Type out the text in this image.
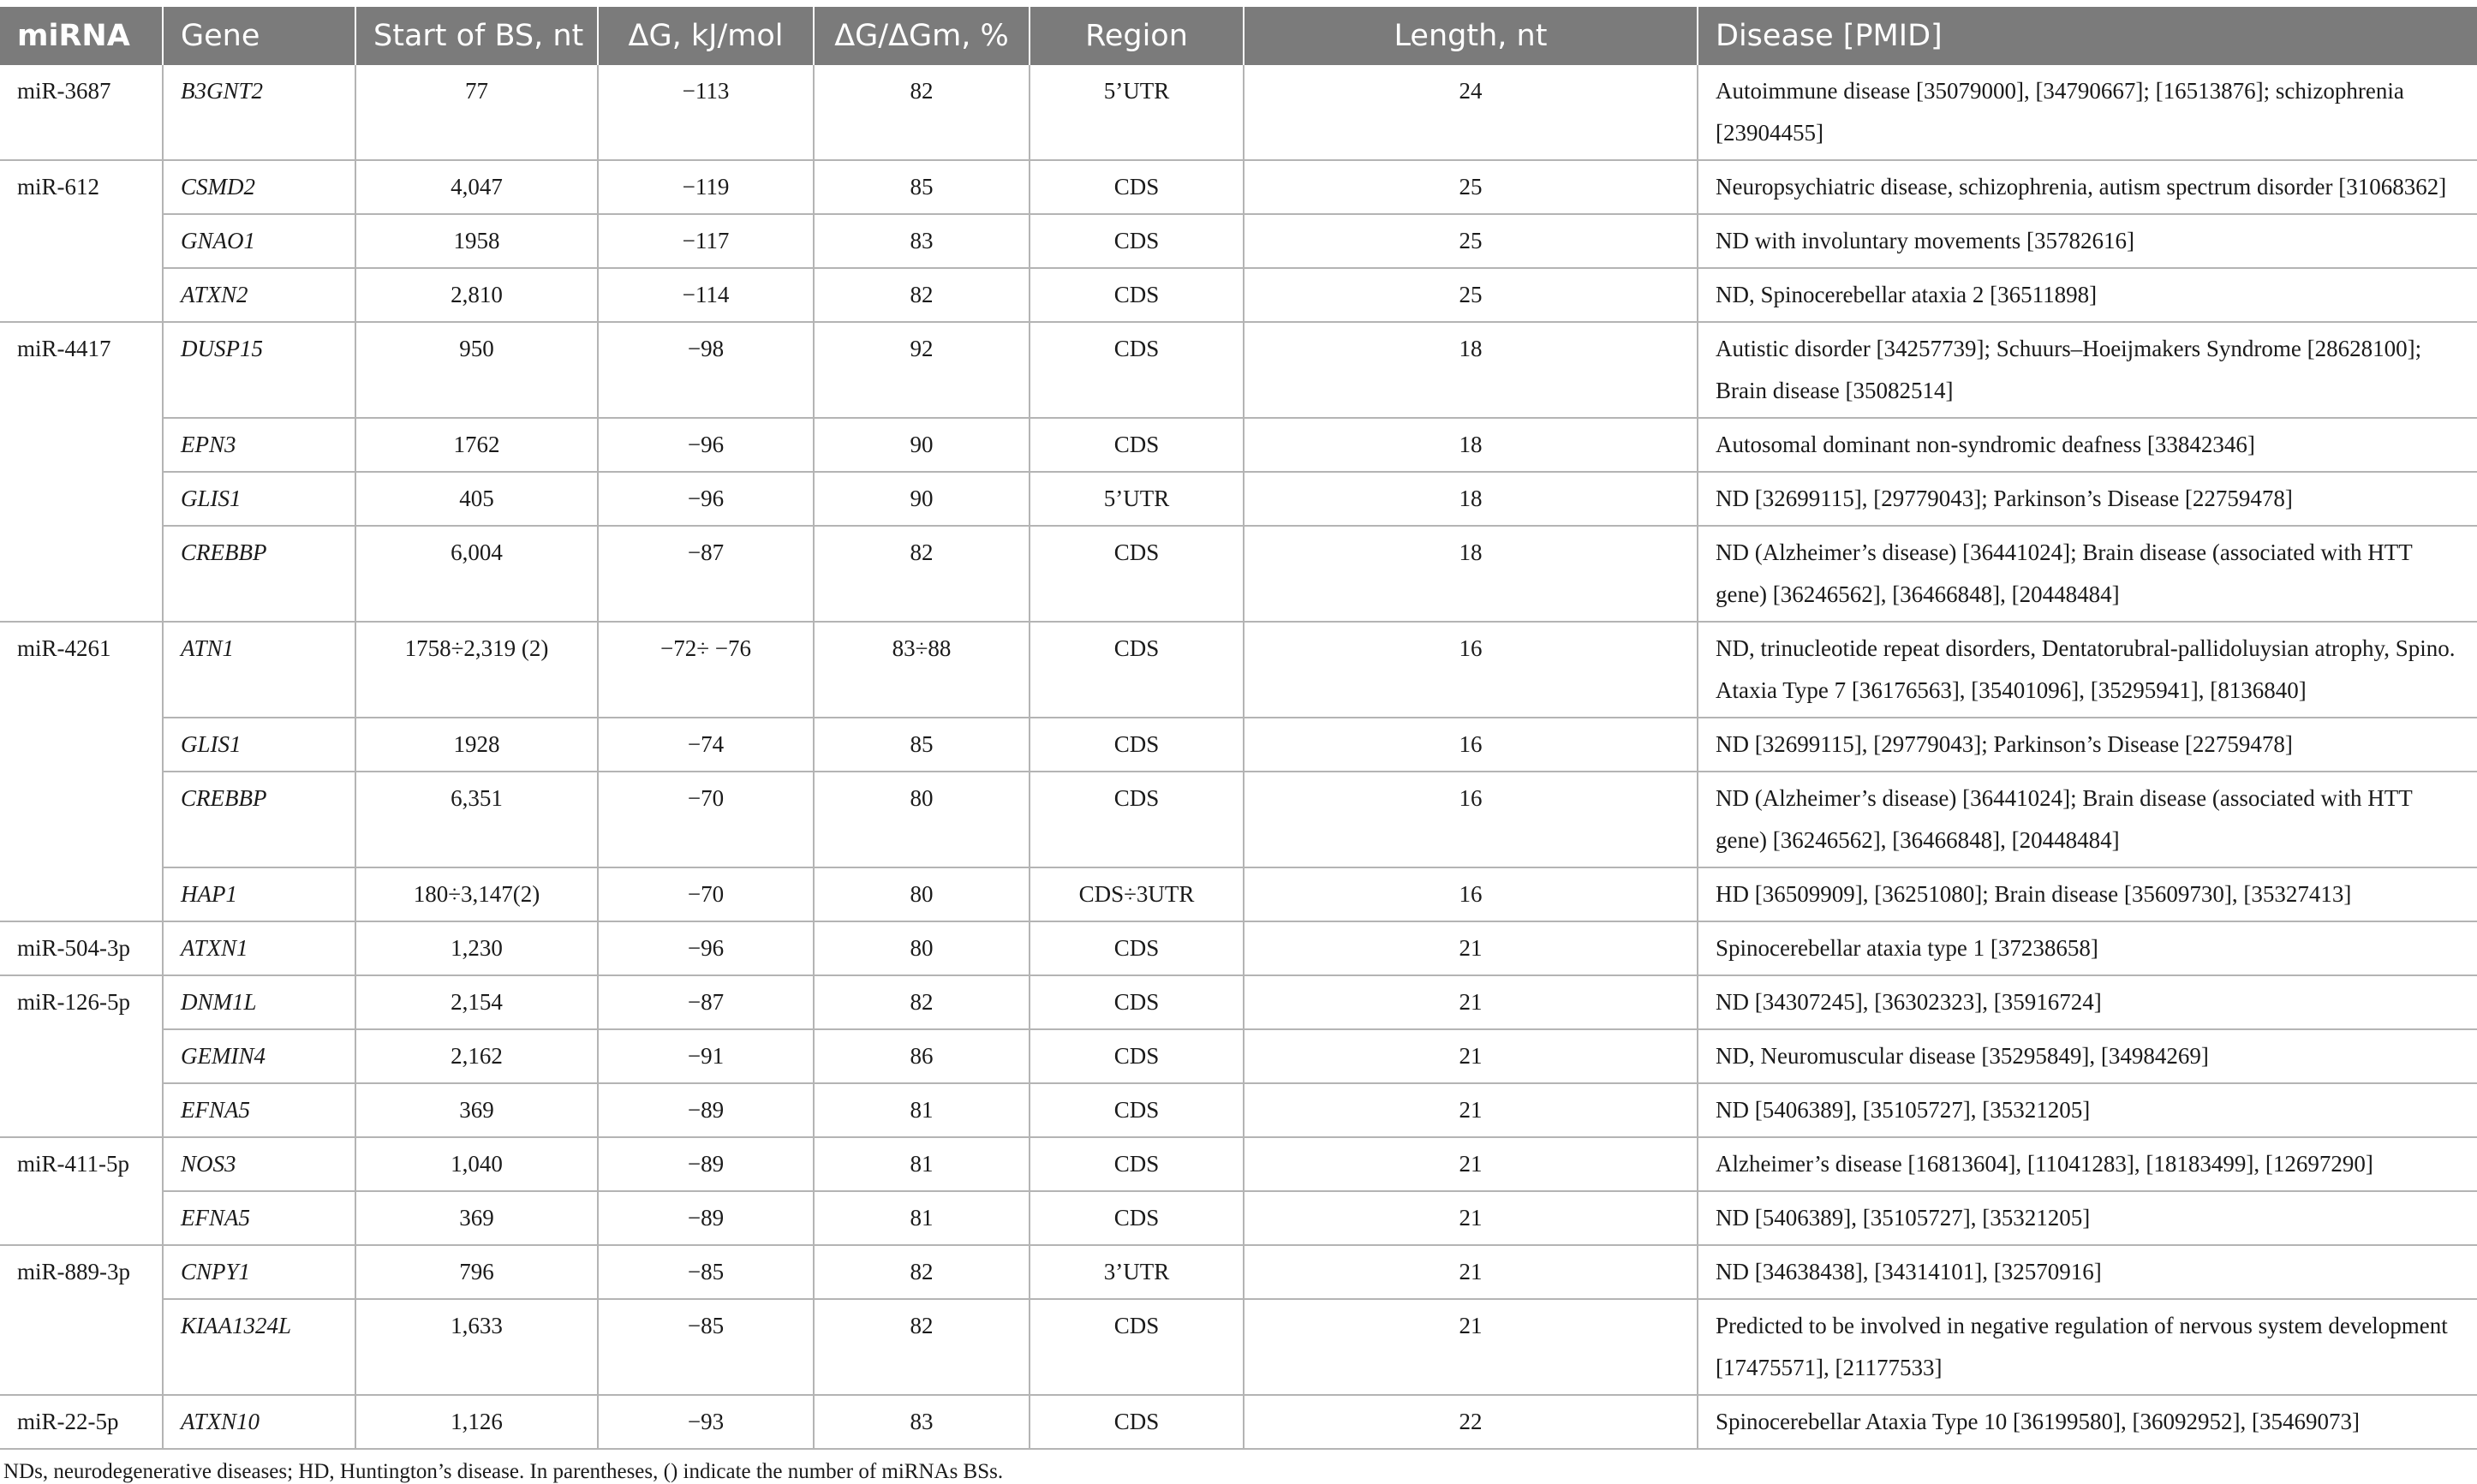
miRNA	Gene	Start of BS, nt	ΔG, kJ/mol	ΔG/ΔGm, %	Region	Length, nt	Disease [PMID]
miR-3687	B3GNT2	77	−113	82	5’UTR	24	Autoimmune disease [35079000], [34790667]; [16513876]; schizophrenia [23904455]
miR-612	CSMD2	4,047	−119	85	CDS	25	Neuropsychiatric disease, schizophrenia, autism spectrum disorder [31068362]
	GNAO1	1958	−117	83	CDS	25	ND with involuntary movements [35782616]
	ATXN2	2,810	−114	82	CDS	25	ND, Spinocerebellar ataxia 2 [36511898]
miR-4417	DUSP15	950	−98	92	CDS	18	Autistic disorder [34257739]; Schuurs–Hoeijmakers Syndrome [28628100]; Brain disease [35082514]
	EPN3	1762	−96	90	CDS	18	Autosomal dominant non-syndromic deafness [33842346]
	GLIS1	405	−96	90	5’UTR	18	ND [32699115], [29779043]; Parkinson’s Disease [22759478]
	CREBBP	6,004	−87	82	CDS	18	ND (Alzheimer’s disease) [36441024]; Brain disease (associated with HTT gene) [36246562], [36466848], [20448484]
miR-4261	ATN1	1758÷2,319 (2)	−72÷ −76	83÷88	CDS	16	ND, trinucleotide repeat disorders, Dentatorubral-pallidoluysian atrophy, Spino. Ataxia Type 7 [36176563], [35401096], [35295941], [8136840]
	GLIS1	1928	−74	85	CDS	16	ND [32699115], [29779043]; Parkinson’s Disease [22759478]
	CREBBP	6,351	−70	80	CDS	16	ND (Alzheimer’s disease) [36441024]; Brain disease (associated with HTT gene) [36246562], [36466848], [20448484]
	HAP1	180÷3,147(2)	−70	80	CDS÷3UTR	16	HD [36509909], [36251080]; Brain disease [35609730], [35327413]
miR-504-3p	ATXN1	1,230	−96	80	CDS	21	Spinocerebellar ataxia type 1 [37238658]
miR-126-5p	DNM1L	2,154	−87	82	CDS	21	ND [34307245], [36302323], [35916724]
	GEMIN4	2,162	−91	86	CDS	21	ND, Neuromuscular disease [35295849], [34984269]
	EFNA5	369	−89	81	CDS	21	ND [5406389], [35105727], [35321205]
miR-411-5p	NOS3	1,040	−89	81	CDS	21	Alzheimer’s disease [16813604], [11041283], [18183499], [12697290]
	EFNA5	369	−89	81	CDS	21	ND [5406389], [35105727], [35321205]
miR-889-3p	CNPY1	796	−85	82	3’UTR	21	ND [34638438], [34314101], [32570916]
	KIAA1324L	1,633	−85	82	CDS	21	Predicted to be involved in negative regulation of nervous system development [17475571], [21177533]
miR-22-5p	ATXN10	1,126	−93	83	CDS	22	Spinocerebellar Ataxia Type 10 [36199580], [36092952], [35469073]
NDs, neurodegenerative diseases; HD, Huntington’s disease. In parentheses, () indicate the number of miRNAs BSs.
